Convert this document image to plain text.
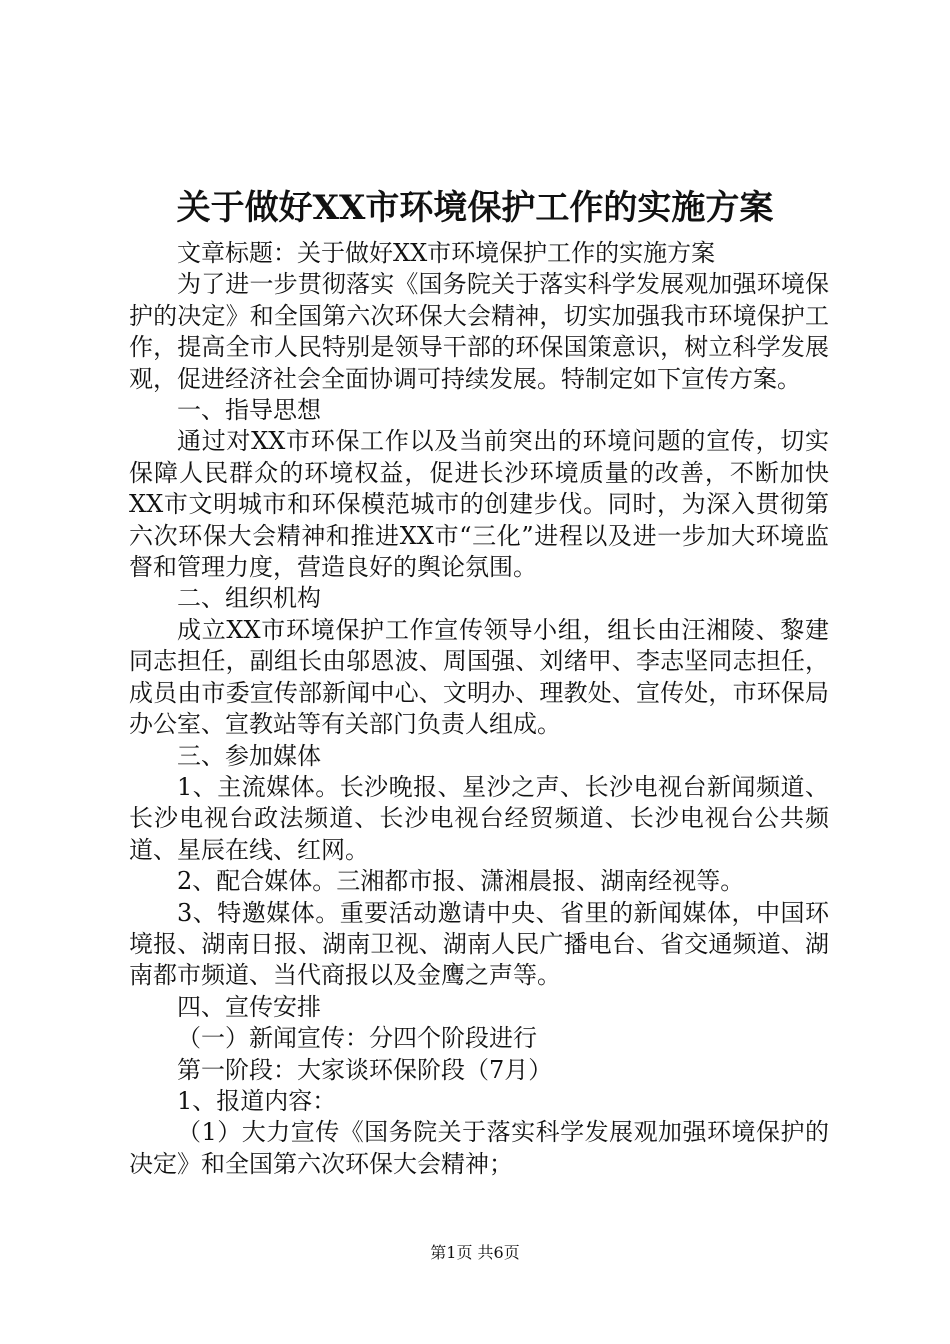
关于做好XX市环境保护工作的实施方案

文章标题：关于做好XX市环境保护工作的实施方案

为了进一步贯彻落实《国务院关于落实科学发展观加强环境保护的决定》和全国第六次环保大会精神，切实加强我市环境保护工作，提高全市人民特别是领导干部的环保国策意识，树立科学发展观，促进经济社会全面协调可持续发展。特制定如下宣传方案。

一、指导思想

通过对XX市环保工作以及当前突出的环境问题的宣传，切实保障人民群众的环境权益，促进长沙环境质量的改善，不断加快XX市文明城市和环保模范城市的创建步伐。同时，为深入贯彻第六次环保大会精神和推进XX市“三化”进程以及进一步加大环境监督和管理力度，营造良好的舆论氛围。

二、组织机构

成立XX市环境保护工作宣传领导小组，组长由汪湘陵、黎建同志担任，副组长由邬恩波、周国强、刘绪甲、李志坚同志担任，成员由市委宣传部新闻中心、文明办、理教处、宣传处，市环保局办公室、宣教站等有关部门负责人组成。

三、参加媒体

1、主流媒体。长沙晚报、星沙之声、长沙电视台新闻频道、长沙电视台政法频道、长沙电视台经贸频道、长沙电视台公共频道、星辰在线、红网。

2、配合媒体。三湘都市报、潇湘晨报、湖南经视等。

3、特邀媒体。重要活动邀请中央、省里的新闻媒体，中国环境报、湖南日报、湖南卫视、湖南人民广播电台、省交通频道、湖南都市频道、当代商报以及金鹰之声等。

四、宣传安排

（一）新闻宣传：分四个阶段进行

第一阶段：大家谈环保阶段（7月）

1、报道内容：

（1）大力宣传《国务院关于落实科学发展观加强环境保护的决定》和全国第六次环保大会精神；

第1页 共6页
